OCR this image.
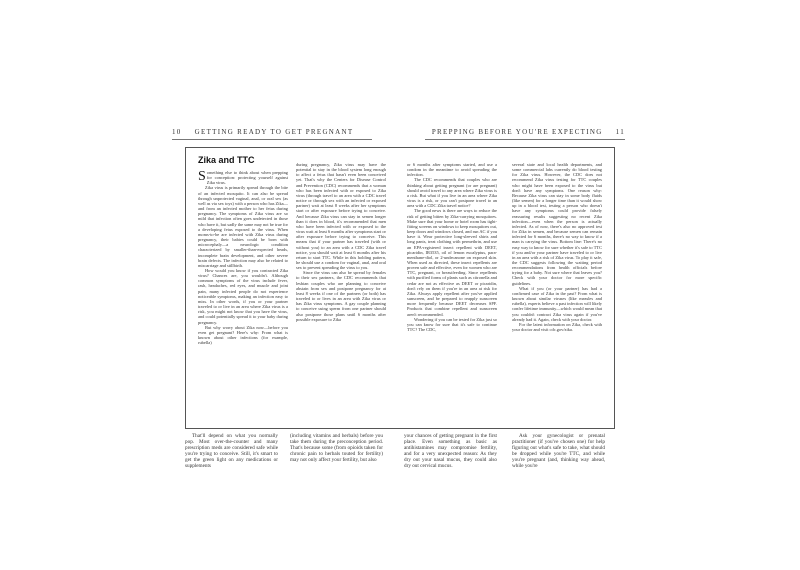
10 GETTING READY TO GET PREGNANT	PREPPING BEFORE YOU'RE EXPECTING 11
Zika and TTC

Something else to think about when prepping for conception: protecting yourself against Zika virus.

Zika virus is primarily spread through the bite of an infected mosquito. It can also be spread through unprotected vaginal, anal, or oral sex (as well as via sex toys) with a person who has Zika—and from an infected mother to her fetus during pregnancy. The symptoms of Zika virus are so mild that infection often goes undetected in those who have it, but sadly the same may not be true for a developing fetus exposed to the virus. When moms-to-be are infected with Zika virus during pregnancy, their babies could be born with microcephaly—a neurologic condition characterized by smaller-than-expected heads, incomplete brain development, and other severe brain defects. The infection may also be related to miscarriage and stillbirth.

How would you know if you contracted Zika virus? Chances are, you wouldn't. Although common symptoms of the virus include fever, rash, headaches, red eyes, and muscle and joint pain, many infected people do not experience noticeable symptoms, making an infection easy to miss. In other words, if you or your partner traveled to or live in an area where Zika virus is a risk, you might not know that you have the virus, and could potentially spread it to your baby during pregnancy.

But why worry about Zika now—before you even get pregnant? Here's why: From what is known about other infections (for example, rubella)

during pregnancy, Zika virus may have the potential to stay in the blood system long enough to affect a fetus that hasn't even been conceived yet. That's why the Centers for Disease Control and Prevention (CDC) recommends that a woman who has been infected with or exposed to Zika virus (through travel to an area with a CDC travel notice or through sex with an infected or exposed partner) wait at least 8 weeks after her symptoms start or after exposure before trying to conceive. And because Zika virus can stay in semen longer than it does in blood, it's recommended that men who have been infected with or exposed to the virus wait at least 6 months after symptoms start or after exposure before trying to conceive. This means that if your partner has traveled (with or without you) to an area with a CDC Zika travel notice, you should wait at least 6 months after his return to start TTC. While in this holding pattern, he should use a condom for vaginal, anal, and oral sex to prevent spreading the virus to you.

Since the virus can also be spread by females to their sex partners, the CDC recommends that lesbian couples who are planning to conceive abstain from sex and postpone pregnancy for at least 8 weeks if one of the partners (or both) has traveled to or lives in an area with Zika virus or has Zika virus symptoms. A gay couple planning to conceive using sperm from one partner should also postpone those plans until 6 months after possible exposure to Zika

or 6 months after symptoms started, and use a condom in the meantime to avoid spreading the infection.

The CDC recommends that couples who are thinking about getting pregnant (or are pregnant) should avoid travel to any area where Zika virus is a risk. But what if you live in an area where Zika virus is a risk, or you can't postpone travel to an area with a CDC Zika travel notice?

The good news is there are ways to reduce the risk of getting bitten by Zika-carrying mosquitoes. Make sure that your home or hotel room has tight-fitting screens on windows to keep mosquitoes out, keep doors and windows closed, and run AC if you have it. Wear protective long-sleeved shirts and long pants, treat clothing with permethrin, and use an EPA-registered insect repellent with DEET, picaridin, IR3535, oil of lemon eucalyptus, para-menthane-diol, or 2-undecanone on exposed skin. When used as directed, these insect repellents are proven safe and effective, even for women who are TTC, pregnant, or breastfeeding. Since repellents with purified forms of plants such as citronella and cedar are not as effective as DEET or picaridin, don't rely on them if you're in an area at risk for Zika. Always apply repellent after you've applied sunscreen, and be prepared to reapply sunscreen more frequently because DEET decreases SPF. Products that combine repellent and sunscreen aren't recommended.

Wondering if you can be tested for Zika just so you can know for sure that it's safe to continue TTC? The CDC,

several state and local health departments, and some commercial labs currently do blood testing for Zika virus. However, the CDC does not recommend Zika virus testing for TTC couples who might have been exposed to the virus but don't have any symptoms. One reason why: Because Zika virus can stay in some body fluids (like semen) for a longer time than it would show up in a blood test, testing a person who doesn't have any symptoms could provide falsely reassuring results suggesting no recent Zika infection—even when the person is actually infected. As of now, there's also no approved test for Zika in semen, and because semen can remain infected for 6 months, there's no way to know if a man is carrying the virus. Bottom line: There's no easy way to know for sure whether it's safe to TTC if you and/or your partner have traveled to or live in an area with a risk of Zika virus. To play it safe, the CDC suggests following the waiting period recommendations from health officials before trying for a baby. Not sure where that leaves you? Check with your doctor for more specific guidelines.

What if you (or your partner) has had a confirmed case of Zika in the past? From what is known about similar viruses (like measles and rubella), experts believe a past infection will likely confer lifetime immunity—which would mean that you couldn't contract Zika virus again if you've already had it. Again, check with your doctor.

For the latest information on Zika, check with your doctor and visit cdc.gov/zika.

That'll depend on what you normally pop. Most over-the-counter and many prescription meds are considered safe while you're trying to conceive. Still, it's smart to get the green light on any medications or supplements

(including vitamins and herbals) before you take them during the preconception period. That's because some (from opioids taken for chronic pain to herbals touted for fertility) may not only affect your fertility, but also

your chances of getting pregnant in the first place. Even something as basic as antihistamines may compromise fertility, and for a very unexpected reason: As they dry out your nasal mucus, they could also dry out cervical mucus.

Ask your gynecologist or prenatal practitioner (if you've chosen one) for help figuring out what's safe to take, what should be dropped while you're TTC, and while you're pregnant (and, thinking way ahead, while you're
